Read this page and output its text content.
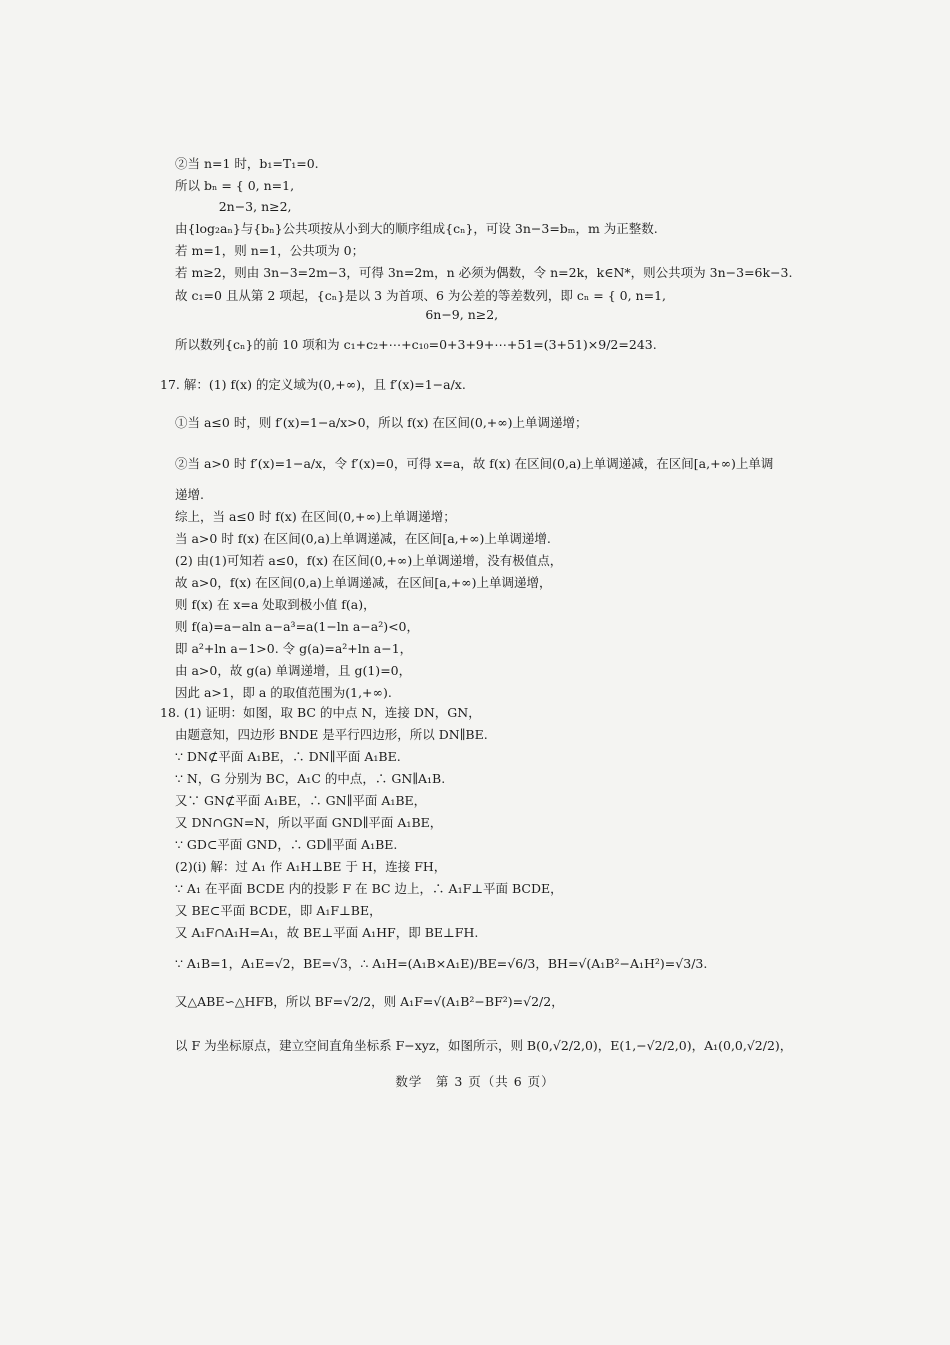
②当 n=1 时，b₁=T₁=0.
所以 bₙ = { 0, n=1,
2n−3, n≥2,
由{log₂aₙ}与{bₙ}公共项按从小到大的顺序组成{cₙ}，可设 3n−3=bₘ，m 为正整数.
若 m=1，则 n=1，公共项为 0；
若 m≥2，则由 3n−3=2m−3，可得 3n=2m，n 必须为偶数，令 n=2k，k∈N*，则公共项为 3n−3=6k−3.
故 c₁=0 且从第 2 项起，{cₙ}是以 3 为首项、6 为公差的等差数列，即 cₙ = { 0, n=1,
6n−9, n≥2,
所以数列{cₙ}的前 10 项和为 c₁+c₂+⋯+c₁₀=0+3+9+⋯+51=(3+51)×9/2=243.
17. 解：(1) f(x) 的定义域为(0,+∞)，且 f′(x)=1−a/x.
①当 a≤0 时，则 f′(x)=1−a/x>0，所以 f(x) 在区间(0,+∞)上单调递增；
②当 a>0 时 f′(x)=1−a/x，令 f′(x)=0，可得 x=a，故 f(x) 在区间(0,a)上单调递减，在区间[a,+∞)上单调
递增.
综上，当 a≤0 时 f(x) 在区间(0,+∞)上单调递增；
当 a>0 时 f(x) 在区间(0,a)上单调递减，在区间[a,+∞)上单调递增.
(2) 由(1)可知若 a≤0，f(x) 在区间(0,+∞)上单调递增，没有极值点，
故 a>0，f(x) 在区间(0,a)上单调递减，在区间[a,+∞)上单调递增，
则 f(x) 在 x=a 处取到极小值 f(a)，
则 f(a)=a−aln a−a³=a(1−ln a−a²)<0，
即 a²+ln a−1>0. 令 g(a)=a²+ln a−1，
由 a>0，故 g(a) 单调递增，且 g(1)=0，
因此 a>1，即 a 的取值范围为(1,+∞).
18. (1) 证明：如图，取 BC 的中点 N，连接 DN，GN，
由题意知，四边形 BNDE 是平行四边形，所以 DN∥BE.
∵ DN⊄平面 A₁BE，∴ DN∥平面 A₁BE.
∵ N，G 分别为 BC，A₁C 的中点，∴ GN∥A₁B.
又∵ GN⊄平面 A₁BE，∴ GN∥平面 A₁BE，
又 DN∩GN=N，所以平面 GND∥平面 A₁BE，
∵ GD⊂平面 GND，∴ GD∥平面 A₁BE.
(2)(i) 解：过 A₁ 作 A₁H⊥BE 于 H，连接 FH，
∵ A₁ 在平面 BCDE 内的投影 F 在 BC 边上，∴ A₁F⊥平面 BCDE，
又 BE⊂平面 BCDE，即 A₁F⊥BE，
又 A₁F∩A₁H=A₁，故 BE⊥平面 A₁HF，即 BE⊥FH.
∵ A₁B=1，A₁E=√2，BE=√3，∴ A₁H=(A₁B×A₁E)/BE=√6/3，BH=√(A₁B²−A₁H²)=√3/3.
又△ABE∽△HFB，所以 BF=√2/2，则 A₁F=√(A₁B²−BF²)=√2/2，
以 F 为坐标原点，建立空间直角坐标系 F−xyz，如图所示，则 B(0,√2/2,0)，E(1,−√2/2,0)，A₁(0,0,√2/2)，
数学　第 3 页（共 6 页）
